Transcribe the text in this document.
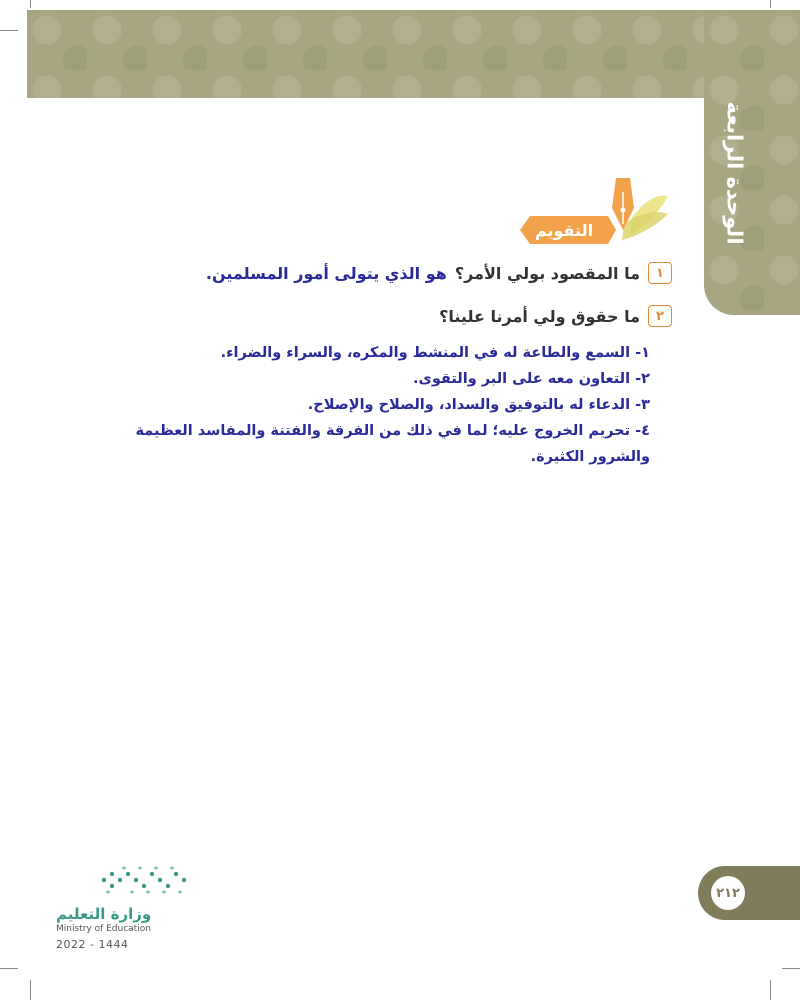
الوحدة الرابعة
التقويم
١
ما المقصود بولي الأمر؟
هو الذي يتولى أمور المسلمين.
٢
ما حقوق ولي أمرنا علينا؟
١- السمع والطاعة له في المنشط والمكره، والسراء والضراء.
٢- التعاون معه على البر والتقوى.
٣- الدعاء له بالتوفيق والسداد، والصلاح والإصلاح.
٤- تحريم الخروج عليه؛ لما في ذلك من الفرقة والفتنة والمفاسد العظيمة والشرور الكثيرة.
٢١٢
وزارة التعليم
Ministry of Education
2022 - 1444
